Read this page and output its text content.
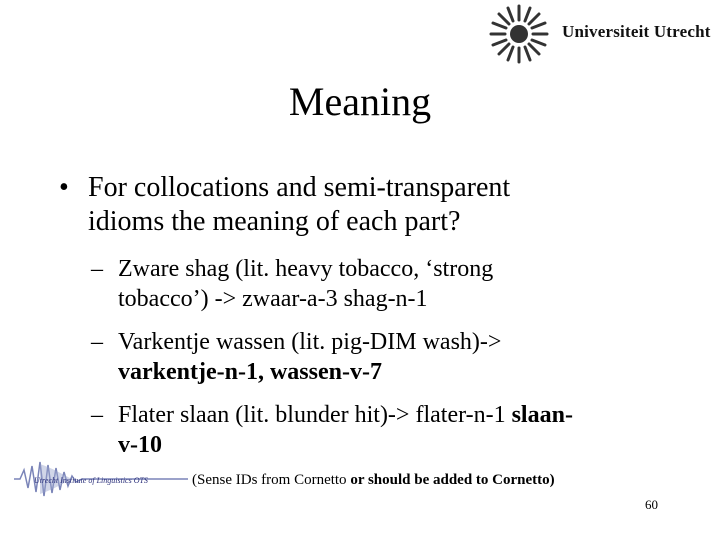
Universiteit Utrecht
Meaning
• For collocations and semi-transparent
idioms the meaning of each part?
– Zware shag (lit. heavy tobacco, ‘strong
tobacco’) -> zwaar-a-3 shag-n-1
– Varkentje wassen (lit. pig-DIM wash)->
varkentje-n-1, wassen-v-7
– Flater slaan (lit. blunder hit)-> flater-n-1 slaan-
v-10
Utrecht Institute of Linguistics OTS	(Sense IDs from Cornetto or should be added to Cornetto)
60
